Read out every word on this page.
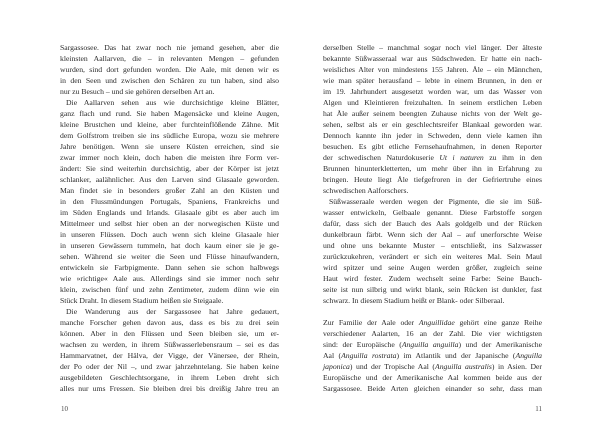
Sargassosee. Das hat zwar noch nie jemand gesehen, aber die
kleinsten Aallarven, die – in relevanten Mengen – gefunden
wurden, sind dort gefunden worden. Die Aale, mit denen wir es
in den Seen und zwischen den Schären zu tun haben, sind also
nur zu Besuch – und sie gehören derselben Art an.
Die Aallarven sehen aus wie durchsichtige kleine Blätter,
ganz flach und rund. Sie haben Magensäcke und kleine Augen,
kleine Brustchen und kleine, aber furchteinflößende Zähne. Mit
dem Golfstrom treiben sie ins südliche Europa, wozu sie mehrere
Jahre benötigen. Wenn sie unsere Küsten erreichen, sind sie
zwar immer noch klein, doch haben die meisten ihre Form ver-
ändert: Sie sind weiterhin durchsichtig, aber der Körper ist jetzt
schlanker, aalähnlicher. Aus den Larven sind Glasaale geworden.
Man findet sie in besonders großer Zahl an den Küsten und
in den Flussmündungen Portugals, Spaniens, Frankreichs und
im Süden Englands und Irlands. Glasaale gibt es aber auch im
Mittelmeer und selbst hier oben an der norwegischen Küste und
in unseren Flüssen. Doch auch wenn sich kleine Glasaale hier
in unseren Gewässern tummeln, hat doch kaum einer sie je ge-
sehen. Während sie weiter die Seen und Flüsse hinaufwandern,
entwickeln sie Farbpigmente. Dann sehen sie schon halbwegs
wie »richtige« Aale aus. Allerdings sind sie immer noch sehr
klein, zwischen fünf und zehn Zentimeter, zudem dünn wie ein
Stück Draht. In diesem Stadium heißen sie Steigaale.
Die Wanderung aus der Sargassosee hat Jahre gedauert,
manche Forscher gehen davon aus, dass es bis zu drei sein
können. Aber in den Flüssen und Seen bleiben sie, um er-
wachsen zu werden, in ihrem Süßwasserlebensraum – sei es das
Hammarvatnet, der Hälva, der Vigge, der Vänersee, der Rhein,
der Po oder der Nil –, und zwar jahrzehntelang. Sie haben keine
ausgebildeten Geschlechtsorgane, in ihrem Leben dreht sich
alles nur ums Fressen. Sie bleiben drei bis dreißig Jahre treu an
10
derselben Stelle – manchmal sogar noch viel länger. Der älteste
bekannte Süßwasseraal war aus Südschweden. Er hatte ein nach-
weisliches Alter von mindestens 155 Jahren. Åle – ein Männchen,
wie man später herausfand – lebte in einem Brunnen, in den er
im 19. Jahrhundert ausgesetzt worden war, um das Wasser von
Algen und Kleintieren freizuhalten. In seinem erstlichen Leben
hat Åle außer seinem beengten Zuhause nichts von der Welt ge-
sehen, selbst als er ein geschlechtsreifer Blankaal geworden war.
Dennoch kannte ihn jeder in Schweden, denn viele kamen ihn
besuchen. Es gibt etliche Fernsehaufnahmen, in denen Reporter
der schwedischen Naturdokuserie Ut i naturen zu ihm in den
Brunnen hinunterkletterten, um mehr über ihn in Erfahrung zu
bringen. Heute liegt Åle tiefgefroren in der Gefriertruhe eines
schwedischen Aalforschers.
Süßwasseraale werden wegen der Pigmente, die sie im Süß-
wasser entwickeln, Gelbaale genannt. Diese Farbstoffe sorgen
dafür, dass sich der Bauch des Aals goldgelb und der Rücken
dunkelbraun färbt. Wenn sich der Aal – auf unerforschte Weise
und ohne uns bekannte Muster – entschließt, ins Salzwasser
zurückzukehren, verändert er sich ein weiteres Mal. Sein Maul
wird spitzer und seine Augen werden größer, zugleich seine
Haut wird fester. Zudem wechselt seine Farbe: Seine Bauch-
seite ist nun silbrig und wirkt blank, sein Rücken ist dunkler, fast
schwarz. In diesem Stadium heißt er Blank- oder Silberaal.
Zur Familie der Aale oder Anguillidae gehört eine ganze Reihe
verschiedener Aalarten, 16 an der Zahl. Die vier wichtigsten
sind: der Europäische (Anguilla anguilla) und der Amerikanische
Aal (Anguilla rostrata) im Atlantik und der Japanische (Anguilla
japonica) und der Tropische Aal (Anguilla australis) in Asien. Der
Europäische und der Amerikanische Aal kommen beide aus der
Sargassosee. Beide Arten gleichen einander so sehr, dass man
11
